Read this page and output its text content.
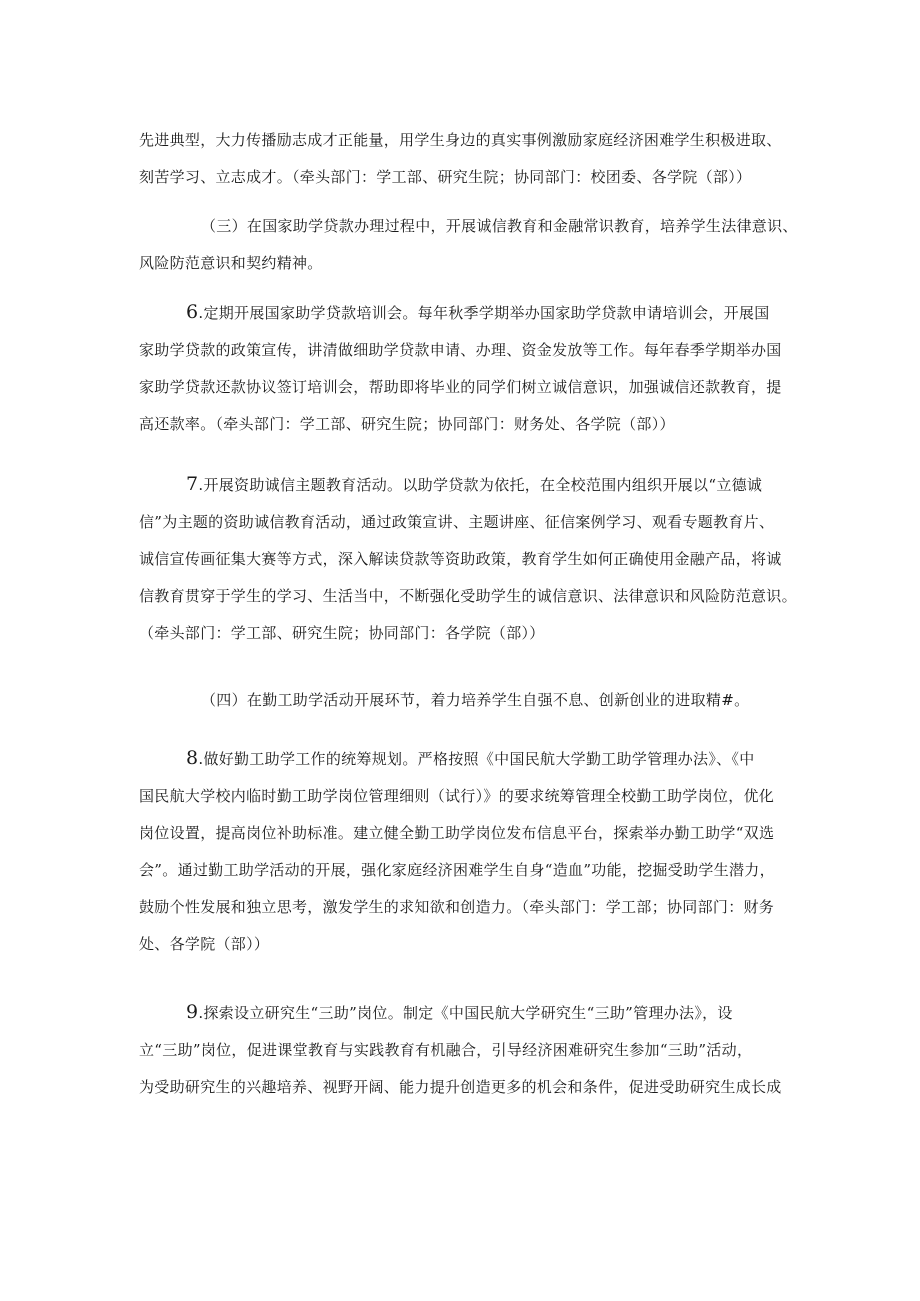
先进典型，大力传播励志成才正能量，用学生身边的真实事例激励家庭经济困难学生积极进取、
刻苦学习、立志成才。（牵头部门：学工部、研究生院；协同部门：校团委、各学院（部））

（三）在国家助学贷款办理过程中，开展诚信教育和金融常识教育，培养学生法律意识、
风险防范意识和契约精神。

6.定期开展国家助学贷款培训会。每年秋季学期举办国家助学贷款申请培训会，开展国
家助学贷款的政策宣传，讲清做细助学贷款申请、办理、资金发放等工作。每年春季学期举办国
家助学贷款还款协议签订培训会，帮助即将毕业的同学们树立诚信意识，加强诚信还款教育，提
高还款率。（牵头部门：学工部、研究生院；协同部门：财务处、各学院（部））

7.开展资助诚信主题教育活动。以助学贷款为依托，在全校范围内组织开展以“立德诚
信”为主题的资助诚信教育活动，通过政策宣讲、主题讲座、征信案例学习、观看专题教育片、
诚信宣传画征集大赛等方式，深入解读贷款等资助政策，教育学生如何正确使用金融产品，将诚
信教育贯穿于学生的学习、生活当中，不断强化受助学生的诚信意识、法律意识和风险防范意识。
（牵头部门：学工部、研究生院；协同部门：各学院（部））

（四）在勤工助学活动开展环节，着力培养学生自强不息、创新创业的进取精#。

8.做好勤工助学工作的统筹规划。严格按照《中国民航大学勤工助学管理办法》、《中
国民航大学校内临时勤工助学岗位管理细则（试行）》的要求统筹管理全校勤工助学岗位，优化
岗位设置，提高岗位补助标准。建立健全勤工助学岗位发布信息平台，探索举办勤工助学“双选
会”。通过勤工助学活动的开展，强化家庭经济困难学生自身“造血”功能，挖掘受助学生潜力，
鼓励个性发展和独立思考，激发学生的求知欲和创造力。（牵头部门：学工部；协同部门：财务
处、各学院（部））

9.探索设立研究生“三助”岗位。制定《中国民航大学研究生“三助”管理办法》，设
立“三助”岗位，促进课堂教育与实践教育有机融合，引导经济困难研究生参加“三助”活动，
为受助研究生的兴趣培养、视野开阔、能力提升创造更多的机会和条件，促进受助研究生成长成
